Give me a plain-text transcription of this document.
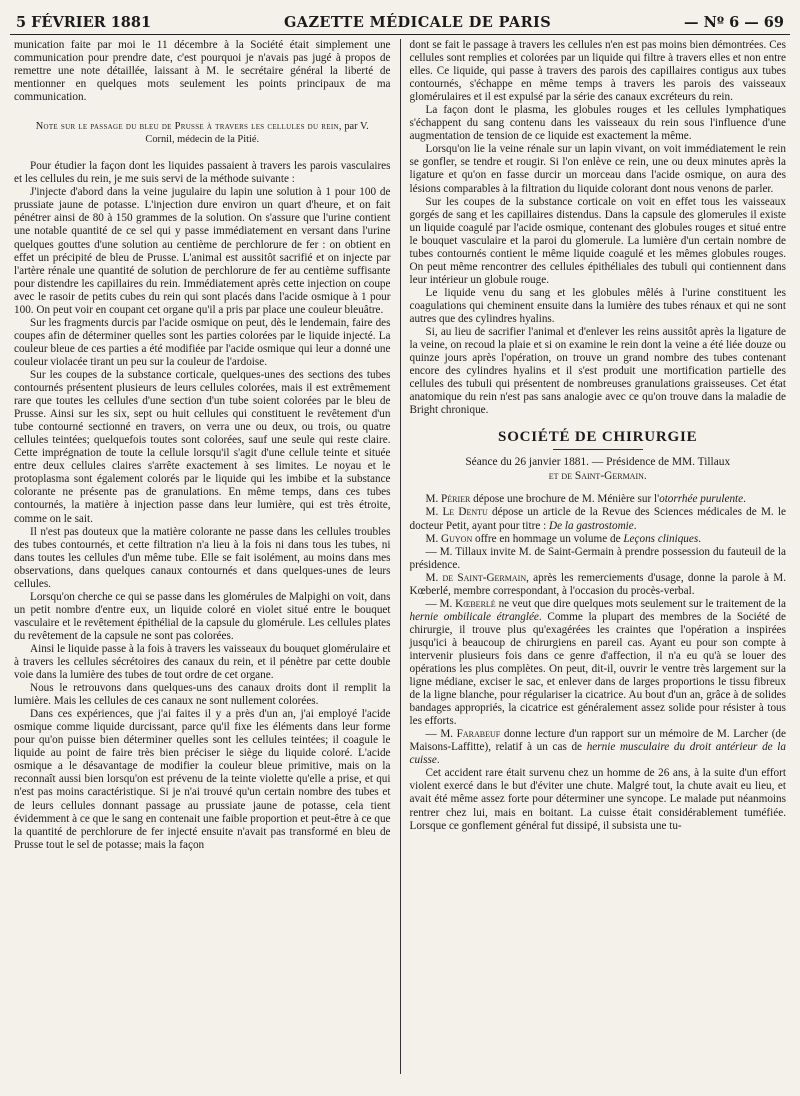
5 FÉVRIER 1881	GAZETTE MÉDICALE DE PARIS	— Nº 6 — 69

munication faite par moi le 11 décembre à la Société était simplement une communication pour prendre date, c'est pourquoi je n'avais pas jugé à propos de remettre une note détaillée, laissant à M. le secrétaire général la liberté de mentionner en quelques mots seulement les points principaux de ma communication.

Note sur le passage du bleu de Prusse à travers les cellules du rein, par V. Cornil, médecin de la Pitié.

Pour étudier la façon dont les liquides passaient à travers les parois vasculaires et les cellules du rein, je me suis servi de la méthode suivante :

J'injecte d'abord dans la veine jugulaire du lapin une solution à 1 pour 100 de prussiate jaune de potasse. L'injection dure environ un quart d'heure, et on fait pénétrer ainsi de 80 à 150 grammes de la solution. On s'assure que l'urine contient une notable quantité de ce sel qui y passe immédiatement en versant dans l'urine quelques gouttes d'une solution au centième de perchlorure de fer : on obtient en effet un précipité de bleu de Prusse. L'animal est aussitôt sacrifié et on injecte par l'artère rénale une quantité de solution de perchlorure de fer au centième suffisante pour distendre les capillaires du rein. Immédiatement après cette injection on coupe avec le rasoir de petits cubes du rein qui sont placés dans l'acide osmique à 1 pour 100. On peut voir en coupant cet organe qu'il a pris par place une couleur bleuâtre.

Sur les fragments durcis par l'acide osmique on peut, dès le lendemain, faire des coupes afin de déterminer quelles sont les parties colorées par le liquide injecté. La couleur bleue de ces parties a été modifiée par l'acide osmique qui leur a donné une couleur violacée tirant un peu sur la couleur de l'ardoise.

Sur les coupes de la substance corticale, quelques-unes des sections des tubes contournés présentent plusieurs de leurs cellules colorées, mais il est extrêmement rare que toutes les cellules d'une section d'un tube soient colorées par le bleu de Prusse. Ainsi sur les six, sept ou huit cellules qui constituent le revêtement d'un tube contourné sectionné en travers, on verra une ou deux, ou trois, ou quatre cellules teintées; quelquefois toutes sont colorées, sauf une seule qui reste claire. Cette imprégnation de toute la cellule lorsqu'il s'agit d'une cellule teinte et située entre deux cellules claires s'arrête exactement à ses limites. Le noyau et le protoplasma sont également colorés par le liquide qui les imbibe et la substance colorante ne présente pas de granulations. En même temps, dans ces tubes contournés, la matière à injection passe dans leur lumière, qui est très étroite, comme on le sait.

Il n'est pas douteux que la matière colorante ne passe dans les cellules troubles des tubes contournés, et cette filtration n'a lieu à la fois ni dans tous les tubes, ni dans toutes les cellules d'un même tube. Elle se fait isolément, au moins dans mes observations, dans quelques canaux contournés et dans quelques-unes de leurs cellules.

Lorsqu'on cherche ce qui se passe dans les glomérules de Malpighi on voit, dans un petit nombre d'entre eux, un liquide coloré en violet situé entre le bouquet vasculaire et le revêtement épithélial de la capsule du glomérule. Les cellules plates du revêtement de la capsule ne sont pas colorées.

Ainsi le liquide passe à la fois à travers les vaisseaux du bouquet glomérulaire et à travers les cellules sécrétoires des canaux du rein, et il pénètre par cette double voie dans la lumière des tubes de tout ordre de cet organe.

Nous le retrouvons dans quelques-uns des canaux droits dont il remplit la lumière. Mais les cellules de ces canaux ne sont nullement colorées.

Dans ces expériences, que j'ai faites il y a près d'un an, j'ai employé l'acide osmique comme liquide durcissant, parce qu'il fixe les éléments dans leur forme pour qu'on puisse bien déterminer quelles sont les cellules teintées; il coagule le liquide au point de faire très bien préciser le siège du liquide coloré. L'acide osmique a le désavantage de modifier la couleur bleue primitive, mais on la reconnaît aussi bien lorsqu'on est prévenu de la teinte violette qu'elle a prise, et qui n'est pas moins caractéristique. Si je n'ai trouvé qu'un certain nombre des tubes et de leurs cellules donnant passage au prussiate jaune de potasse, cela tient évidemment à ce que le sang en contenait une faible proportion et peut-être à ce que la quantité de perchlorure de fer injecté ensuite n'avait pas transformé en bleu de Prusse tout le sel de potasse; mais la façon

dont se fait le passage à travers les cellules n'en est pas moins bien démontrées. Ces cellules sont remplies et colorées par un liquide qui filtre à travers elles et non entre elles. Ce liquide, qui passe à travers des parois des capillaires contigus aux tubes contournés, s'échappe en même temps à travers les parois des vaisseaux glomérulaires et il est expulsé par la série des canaux excréteurs du rein.

La façon dont le plasma, les globules rouges et les cellules lymphatiques s'échappent du sang contenu dans les vaisseaux du rein sous l'influence d'une augmentation de tension de ce liquide est exactement la même.

Lorsqu'on lie la veine rénale sur un lapin vivant, on voit immédiatement le rein se gonfler, se tendre et rougir. Si l'on enlève ce rein, une ou deux minutes après la ligature et qu'on en fasse durcir un morceau dans l'acide osmique, on aura des lésions comparables à la filtration du liquide colorant dont nous venons de parler.

Sur les coupes de la substance corticale on voit en effet tous les vaisseaux gorgés de sang et les capillaires distendus. Dans la capsule des glomerules il existe un liquide coagulé par l'acide osmique, contenant des globules rouges et situé entre le bouquet vasculaire et la paroi du glomerule. La lumière d'un certain nombre de tubes contournés contient le même liquide coagulé et les mêmes globules rouges. On peut même rencontrer des cellules épithéliales des tubuli qui contiennent dans leur intérieur un globule rouge.

Le liquide venu du sang et les globules mêlés à l'urine constituent les coagulations qui cheminent ensuite dans la lumière des tubes rénaux et qui ne sont autres que des cylindres hyalins.

Si, au lieu de sacrifier l'animal et d'enlever les reins aussitôt après la ligature de la veine, on recoud la plaie et si on examine le rein dont la veine a été liée douze ou quinze jours après l'opération, on trouve un grand nombre des tubes contenant encore des cylindres hyalins et il s'est produit une mortification partielle des cellules des tubuli qui présentent de nombreuses granulations graisseuses. Cet état anatomique du rein n'est pas sans analogie avec ce qu'on trouve dans la maladie de Bright chronique.

SOCIÉTÉ DE CHIRURGIE
Séance du 26 janvier 1881. — Présidence de MM. Tillaux
et de Saint-Germain.

M. Périer dépose une brochure de M. Ménière sur l'otorrhée purulente.

M. Le Dentu dépose un article de la Revue des Sciences médicales de M. le docteur Petit, ayant pour titre : De la gastrostomie.

M. Guyon offre en hommage un volume de Leçons cliniques.

— M. Tillaux invite M. de Saint-Germain à prendre possession du fauteuil de la présidence.

M. de Saint-Germain, après les remerciements d'usage, donne la parole à M. Kœberlé, membre correspondant, à l'occasion du procès-verbal.

— M. Kœberlé ne veut que dire quelques mots seulement sur le traitement de la hernie ombilicale étranglée. Comme la plupart des membres de la Société de chirurgie, il trouve plus qu'exagérées les craintes que l'opération a inspirées jusqu'ici à beaucoup de chirurgiens en pareil cas. Ayant eu pour son compte à intervenir plusieurs fois dans ce genre d'affection, il n'a eu qu'à se louer des opérations les plus complètes. On peut, dit-il, ouvrir le ventre très largement sur la ligne médiane, exciser le sac, et enlever dans de larges proportions le tissu fibreux de la ligne blanche, pour régulariser la cicatrice. Au bout d'un an, grâce à de solides bandages appropriés, la cicatrice est généralement assez solide pour résister à tous les efforts.

— M. Farabeuf donne lecture d'un rapport sur un mémoire de M. Larcher (de Maisons-Laffitte), relatif à un cas de hernie musculaire du droit antérieur de la cuisse.

Cet accident rare était survenu chez un homme de 26 ans, à la suite d'un effort violent exercé dans le but d'éviter une chute. Malgré tout, la chute avait eu lieu, et avait été même assez forte pour déterminer une syncope. Le malade put néanmoins rentrer chez lui, mais en boitant. La cuisse était considérablement tuméfiée. Lorsque ce gonflement général fut dissipé, il subsista une tu-
